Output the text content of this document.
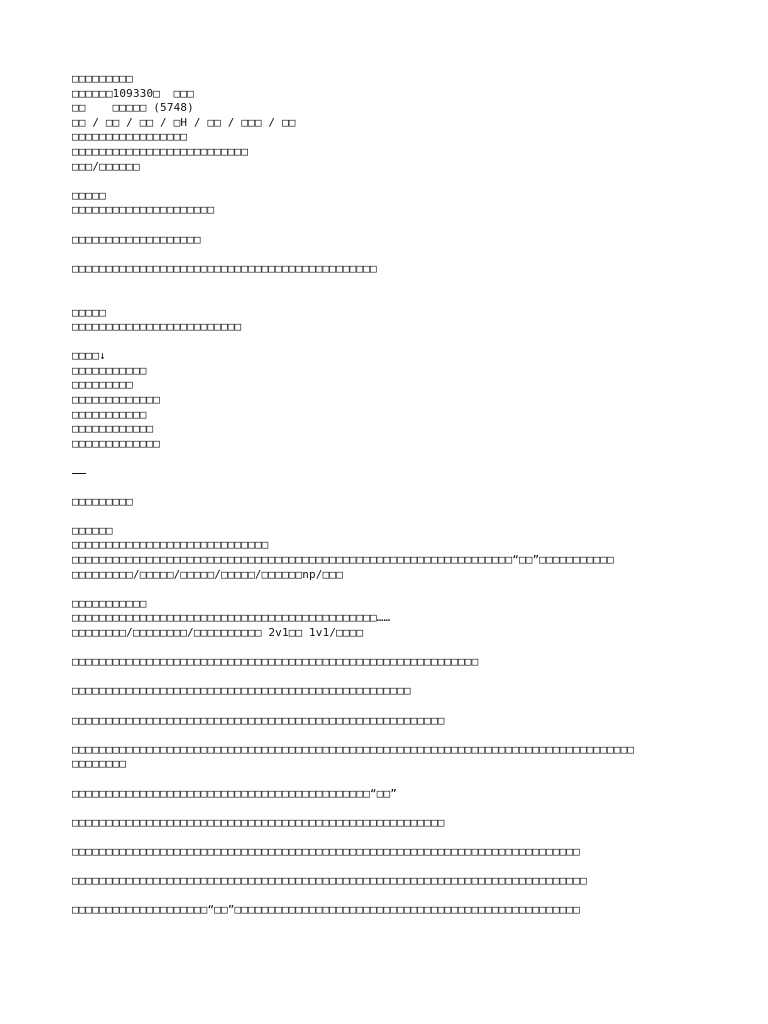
□□□□□□□□□
□□□□□□109330□  □□□
□□    □□□□□ (5748)
□□ / □□ / □□ / □H / □□ / □□□ / □□
□□□□□□□□□□□□□□□□□
□□□□□□□□□□□□□□□□□□□□□□□□□□
□□□/□□□□□□
□□□□□
□□□□□□□□□□□□□□□□□□□□□
□□□□□□□□□□□□□□□□□□□
□□□□□□□□□□□□□□□□□□□□□□□□□□□□□□□□□□□□□□□□□□□□□
□□□□□
□□□□□□□□□□□□□□□□□□□□□□□□□
□□□□↓
□□□□□□□□□□□
□□□□□□□□□
□□□□□□□□□□□□□
□□□□□□□□□□□
□□□□□□□□□□□□
□□□□□□□□□□□□□
□□□□□□□□□
□□□□□□
□□□□□□□□□□□□□□□□□□□□□□□□□□□□□
□□□□□□□□□□□□□□□□□□□□□□□□□□□□□□□□□□□□□□□□□□□□□□□□□□□□□□□□□□□□□□□□□“□□”□□□□□□□□□□□
□□□□□□□□□/□□□□□/□□□□□/□□□□□/□□□□□□np/□□□
□□□□□□□□□□□
□□□□□□□□□□□□□□□□□□□□□□□□□□□□□□□□□□□□□□□□□□□□□……
□□□□□□□□/□□□□□□□□/□□□□□□□□□□ 2v1□□ 1v1/□□□□
□□□□□□□□□□□□□□□□□□□□□□□□□□□□□□□□□□□□□□□□□□□□□□□□□□□□□□□□□□□□
□□□□□□□□□□□□□□□□□□□□□□□□□□□□□□□□□□□□□□□□□□□□□□□□□□
□□□□□□□□□□□□□□□□□□□□□□□□□□□□□□□□□□□□□□□□□□□□□□□□□□□□□□□
□□□□□□□□□□□□□□□□□□□□□□□□□□□□□□□□□□□□□□□□□□□□□□□□□□□□□□□□□□□□□□□□□□□□□□□□□□□□□□□□□□□
□□□□□□□□
□□□□□□□□□□□□□□□□□□□□□□□□□□□□□□□□□□□□□□□□□□□□“□□”
□□□□□□□□□□□□□□□□□□□□□□□□□□□□□□□□□□□□□□□□□□□□□□□□□□□□□□□
□□□□□□□□□□□□□□□□□□□□□□□□□□□□□□□□□□□□□□□□□□□□□□□□□□□□□□□□□□□□□□□□□□□□□□□□□□□
□□□□□□□□□□□□□□□□□□□□□□□□□□□□□□□□□□□□□□□□□□□□□□□□□□□□□□□□□□□□□□□□□□□□□□□□□□□□
□□□□□□□□□□□□□□□□□□□□“□□”□□□□□□□□□□□□□□□□□□□□□□□□□□□□□□□□□□□□□□□□□□□□□□□□□□□
